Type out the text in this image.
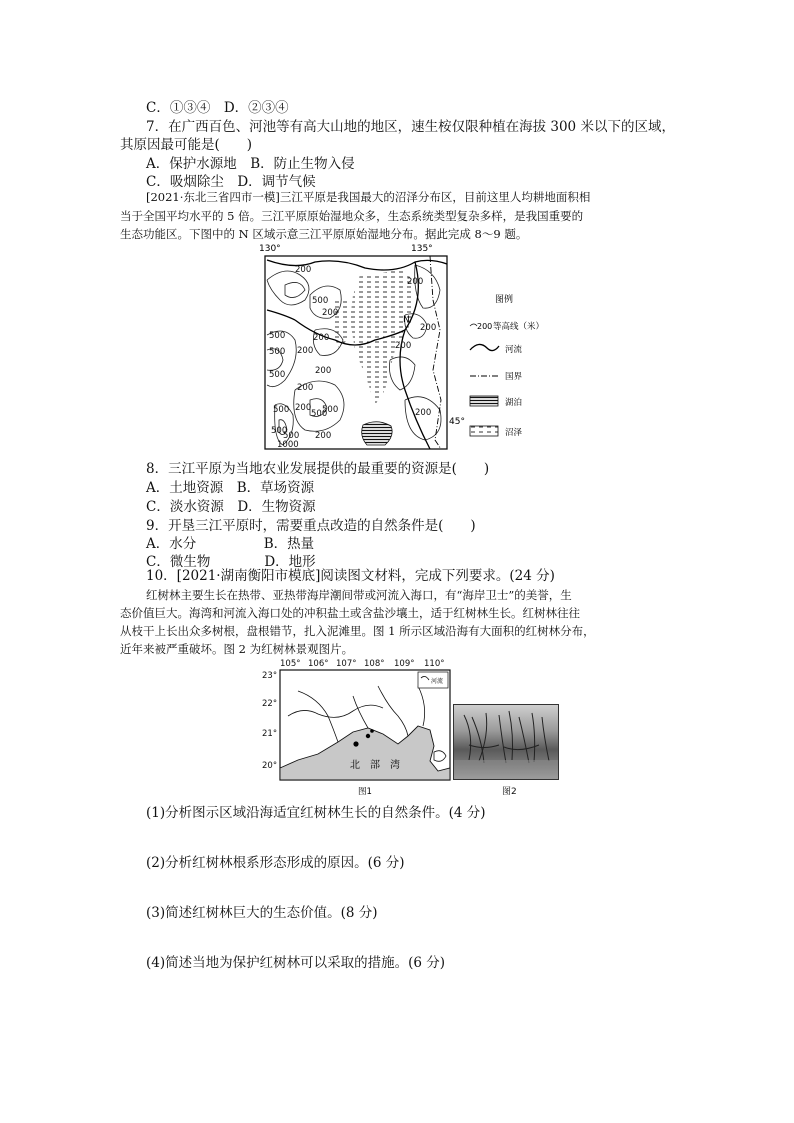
C．①③④　D．②③④
7．在广西百色、河池等有高大山地的地区，速生桉仅限种植在海拔 300 米以下的区域，
其原因最可能是(　　)
A．保护水源地　B．防止生物入侵
C．吸烟除尘　D．调节气候
[2021·东北三省四市一模]三江平原是我国最大的沼泽分布区，目前这里人均耕地面积相
当于全国平均水平的 5 倍。三江平原原始湿地众多，生态系统类型复杂多样，是我国重要的
生态功能区。下图中的 N 区域示意三江平原原始湿地分布。据此完成 8～9 题。
130°	135°
200
500
200
500	200
500 200
500	200
200
500
200
200
500
500
500
1000
500
200
200
200
200
N
45°
图例
200 等高线（米）
河流
国界
湖泊
沼泽
8．三江平原为当地农业发展提供的最重要的资源是(　　)
A．土地资源　B．草场资源
C．淡水资源　D．生物资源
9．开垦三江平原时，需要重点改造的自然条件是(　　)
A．水分　　　　　B．热量
C．微生物　　　　D．地形
10．[2021·湖南衡阳市模底]阅读图文材料，完成下列要求。(24 分)
红树林主要生长在热带、亚热带海岸潮间带或河流入海口，有“海岸卫士”的美誉，生
态价值巨大。海湾和河流入海口处的冲积盐土或含盐沙壤土，适于红树林生长。红树林往往
从枝干上长出众多树根，盘根错节，扎入泥滩里。图 1 所示区域沿海有大面积的红树林分布，
近年来被严重破坏。图 2 为红树林景观图片。
105° 106° 107° 108° 109° 110°
23°
22°
21°
20°	北　部　湾
河流
图1	图2
(1)分析图示区域沿海适宜红树林生长的自然条件。(4 分)
(2)分析红树林根系形态形成的原因。(6 分)
(3)简述红树林巨大的生态价值。(8 分)
(4)简述当地为保护红树林可以采取的措施。(6 分)
